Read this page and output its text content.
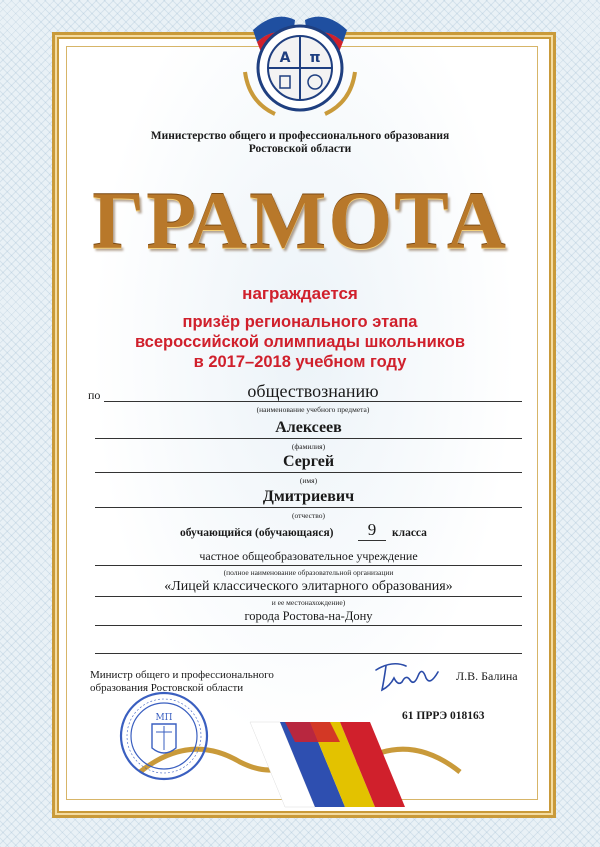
А π
Министерство общего и профессионального образования
Ростовской области
ГРАМОТА
награждается
призёр регионального этапа
всероссийской олимпиады школьников
в 2017–2018 учебном году
по	обществознанию
(наименование учебного предмета)
Алексеев
(фамилия)
Сергей
(имя)
Дмитриевич
(отчество)
обучающийся (обучающаяся)	9	класса
частное общеобразовательное учреждение
(полное наименование образовательной организации
«Лицей классического элитарного образования»
и ее местонахождение)
города Ростова-на-Дону
Министр общего и профессионального
образования Ростовской области
Л.В. Балина
61 ПРРЭ 018163
МП
